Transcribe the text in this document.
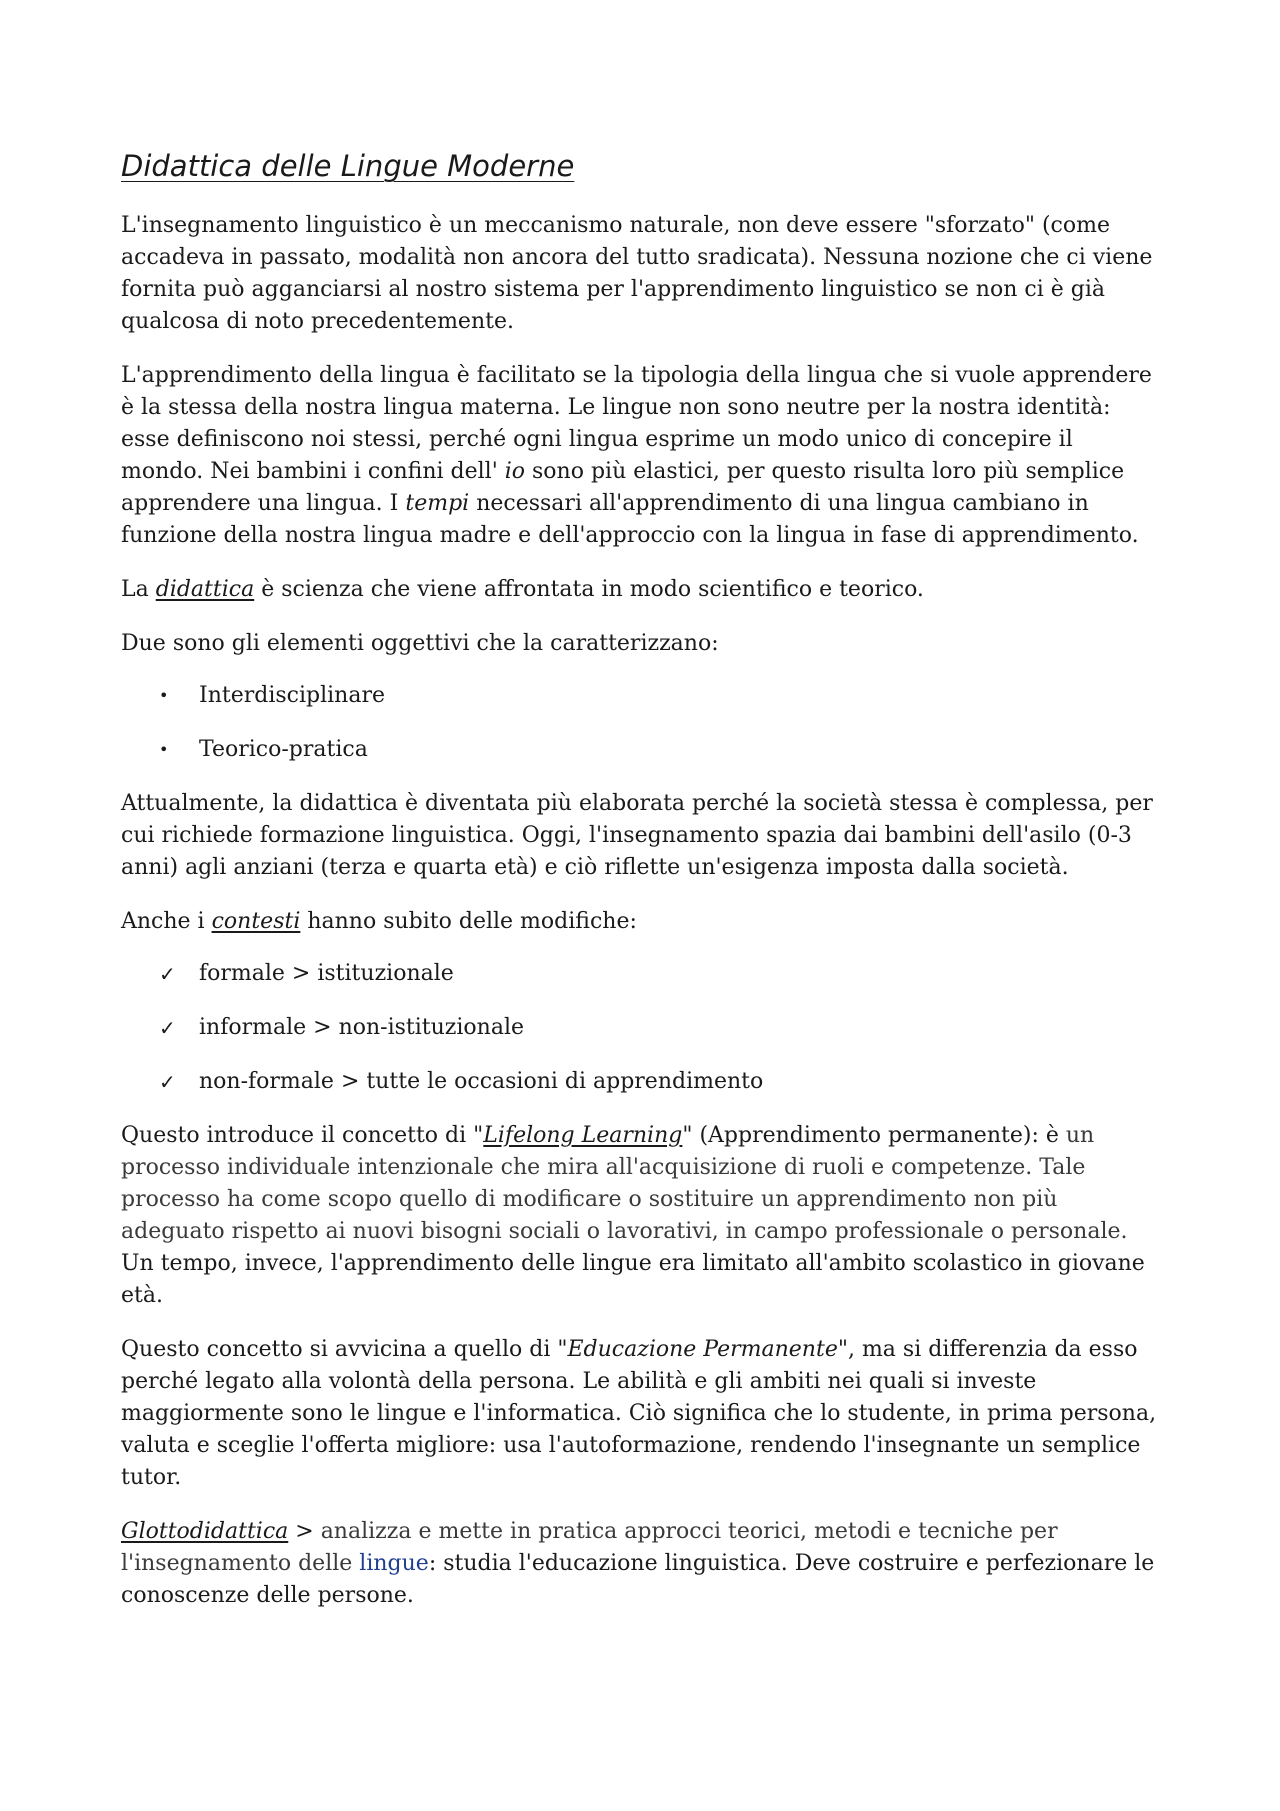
Didattica delle Lingue Moderne

L'insegnamento linguistico è un meccanismo naturale, non deve essere "sforzato" (come accadeva in passato, modalità non ancora del tutto sradicata). Nessuna nozione che ci viene fornita può agganciarsi al nostro sistema per l'apprendimento linguistico se non ci è già qualcosa di noto precedentemente.

L'apprendimento della lingua è facilitato se la tipologia della lingua che si vuole apprendere è la stessa della nostra lingua materna. Le lingue non sono neutre per la nostra identità: esse definiscono noi stessi, perché ogni lingua esprime un modo unico di concepire il mondo. Nei bambini i confini dell' io sono più elastici, per questo risulta loro più semplice apprendere una lingua. I tempi necessari all'apprendimento di una lingua cambiano in funzione della nostra lingua madre e dell'approccio con la lingua in fase di apprendimento.

La didattica è scienza che viene affrontata in modo scientifico e teorico.

Due sono gli elementi oggettivi che la caratterizzano:

•	Interdisciplinare
•	Teorico-pratica

Attualmente, la didattica è diventata più elaborata perché la società stessa è complessa, per cui richiede formazione linguistica. Oggi, l'insegnamento spazia dai bambini dell'asilo (0-3 anni) agli anziani (terza e quarta età) e ciò riflette un'esigenza imposta dalla società.

Anche i contesti hanno subito delle modifiche:

✓	formale > istituzionale
✓	informale > non-istituzionale
✓	non-formale > tutte le occasioni di apprendimento

Questo introduce il concetto di "Lifelong Learning" (Apprendimento permanente): è un processo individuale intenzionale che mira all'acquisizione di ruoli e competenze. Tale processo ha come scopo quello di modificare o sostituire un apprendimento non più adeguato rispetto ai nuovi bisogni sociali o lavorativi, in campo professionale o personale. Un tempo, invece, l'apprendimento delle lingue era limitato all'ambito scolastico in giovane età.

Questo concetto si avvicina a quello di "Educazione Permanente", ma si differenzia da esso perché legato alla volontà della persona. Le abilità e gli ambiti nei quali si investe maggiormente sono le lingue e l'informatica. Ciò significa che lo studente, in prima persona, valuta e sceglie l'offerta migliore: usa l'autoformazione, rendendo l'insegnante un semplice tutor.

Glottodidattica > analizza e mette in pratica approcci teorici, metodi e tecniche per l'insegnamento delle lingue: studia l'educazione linguistica. Deve costruire e perfezionare le conoscenze delle persone.
